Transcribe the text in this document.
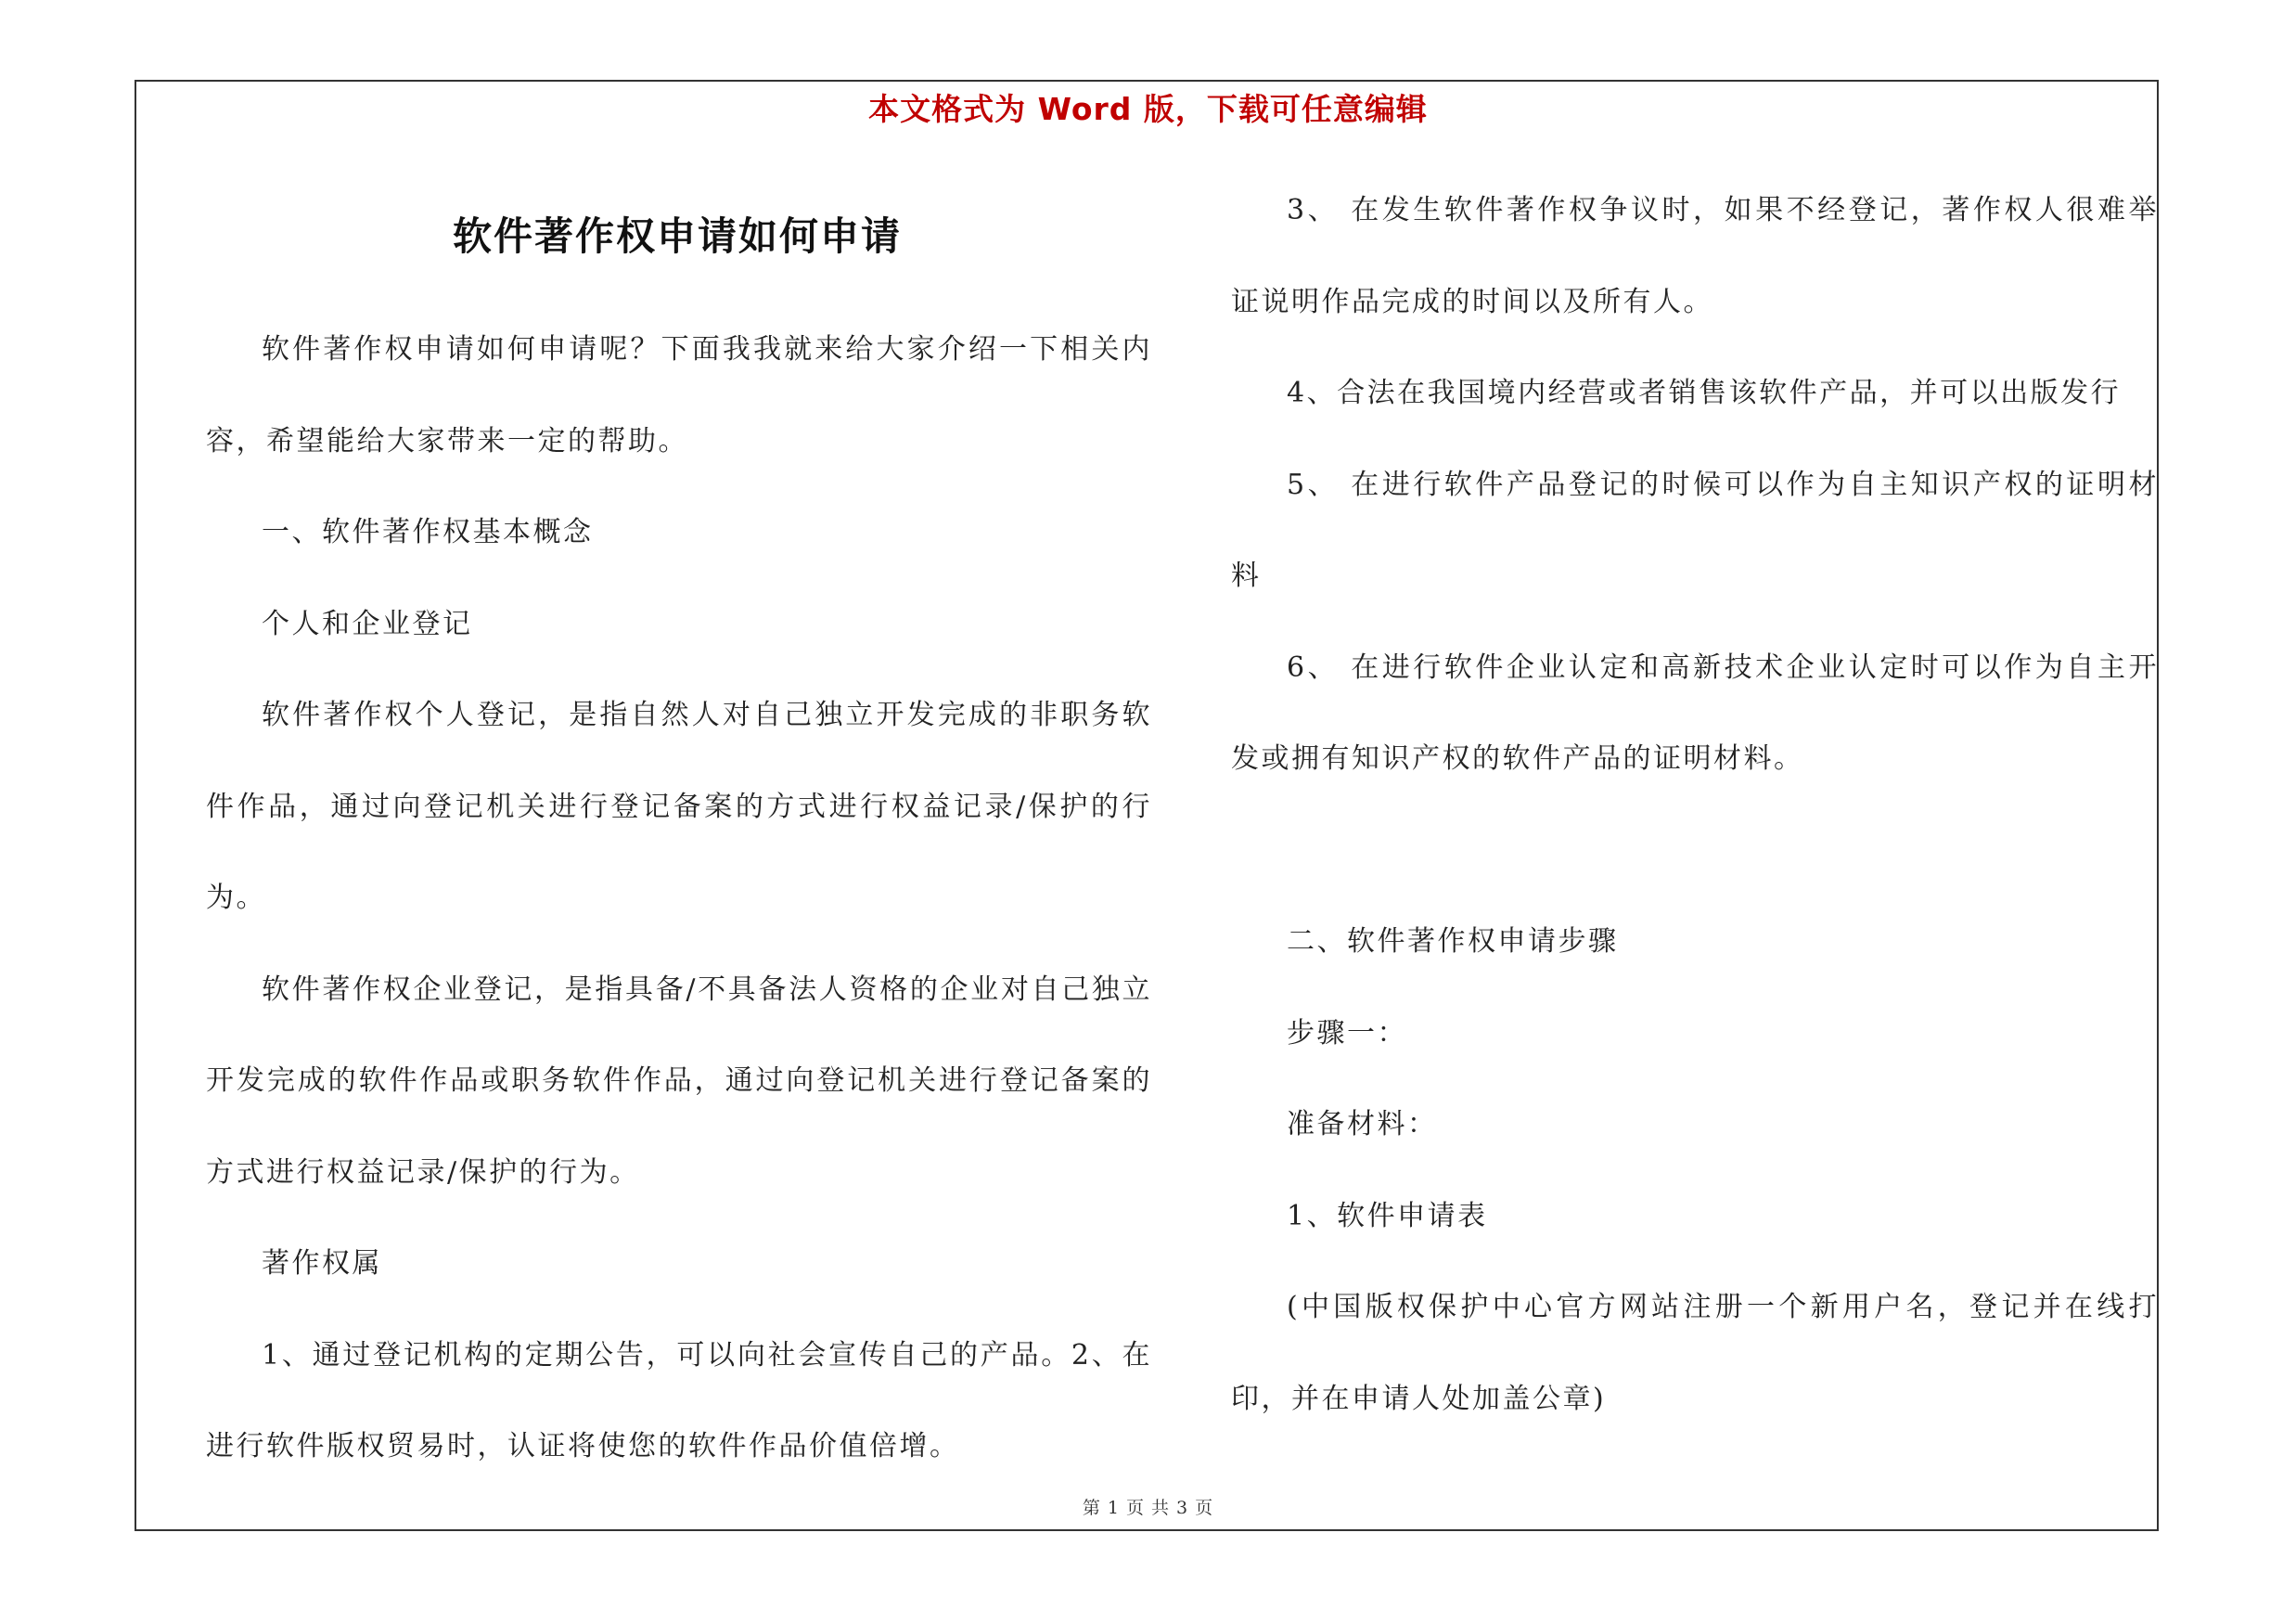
本文格式为 Word 版，下载可任意编辑
软件著作权申请如何申请

软件著作权申请如何申请呢？下面我我就来给大家介绍一下相关内容，希望能给大家带来一定的帮助。

一、软件著作权基本概念

个人和企业登记

软件著作权个人登记，是指自然人对自己独立开发完成的非职务软件作品，通过向登记机关进行登记备案的方式进行权益记录/保护的行为。

软件著作权企业登记，是指具备/不具备法人资格的企业对自己独立开发完成的软件作品或职务软件作品，通过向登记机关进行登记备案的方式进行权益记录/保护的行为。

著作权属

1、通过登记机构的定期公告，可以向社会宣传自己的产品。2、在进行软件版权贸易时，认证将使您的软件作品价值倍增。

3、 在发生软件著作权争议时，如果不经登记，著作权人很难举证说明作品完成的时间以及所有人。

4、合法在我国境内经营或者销售该软件产品，并可以出版发行

5、 在进行软件产品登记的时候可以作为自主知识产权的证明材料

6、 在进行软件企业认定和高新技术企业认定时可以作为自主开发或拥有知识产权的软件产品的证明材料。

二、软件著作权申请步骤

步骤一：

准备材料：

1、软件申请表

(中国版权保护中心官方网站注册一个新用户名，登记并在线打印，并在申请人处加盖公章)

第 1 页 共 3 页
